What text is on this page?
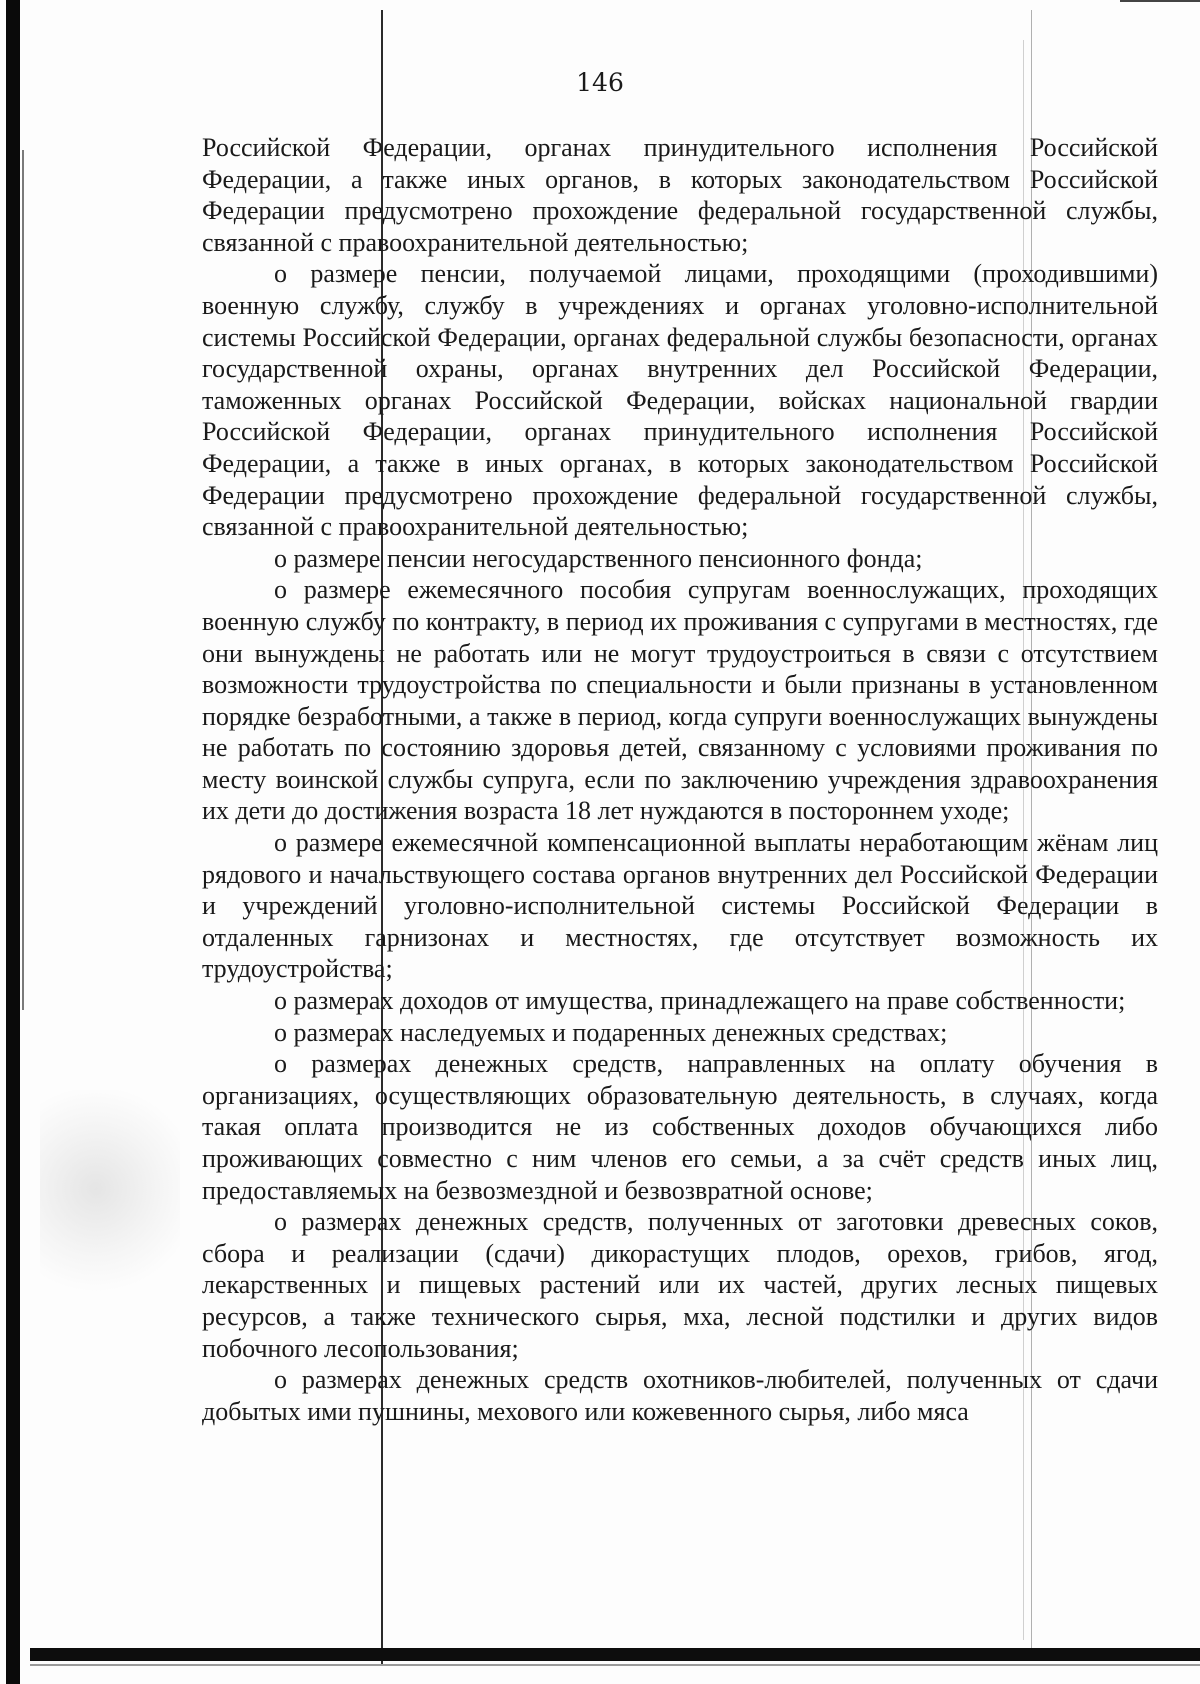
146

Российской Федерации, органах принудительного исполнения Российской Федерации, а также иных органов, в которых законодательством Российской Федерации предусмотрено прохождение федеральной государственной службы, связанной с правоохранительной деятельностью;

о размере пенсии, получаемой лицами, проходящими (проходившими) военную службу, службу в учреждениях и органах уголовно-исполнительной системы Российской Федерации, органах федеральной службы безопасности, органах государственной охраны, органах внутренних дел Российской Федерации, таможенных органах Российской Федерации, войсках национальной гвардии Российской Федерации, органах принудительного исполнения Российской Федерации, а также в иных органах, в которых законодательством Российской Федерации предусмотрено прохождение федеральной государственной службы, связанной с правоохранительной деятельностью;

о размере пенсии негосударственного пенсионного фонда;

о размере ежемесячного пособия супругам военнослужащих, проходящих военную службу по контракту, в период их проживания с супругами в местностях, где они вынуждены не работать или не могут трудоустроиться в связи с отсутствием возможности трудоустройства по специальности и были признаны в установленном порядке безработными, а также в период, когда супруги военнослужащих вынуждены не работать по состоянию здоровья детей, связанному с условиями проживания по месту воинской службы супруга, если по заключению учреждения здравоохранения их дети до достижения возраста 18 лет нуждаются в постороннем уходе;

о размере ежемесячной компенсационной выплаты неработающим жёнам лиц рядового и начальствующего состава органов внутренних дел Российской Федерации и учреждений уголовно-исполнительной системы Российской Федерации в отдаленных гарнизонах и местностях, где отсутствует возможность их трудоустройства;

о размерах доходов от имущества, принадлежащего на праве собственности;

о размерах наследуемых и подаренных денежных средствах;

о размерах денежных средств, направленных на оплату обучения в организациях, осуществляющих образовательную деятельность, в случаях, когда такая оплата производится не из собственных доходов обучающихся либо проживающих совместно с ним членов его семьи, а за счёт средств иных лиц, предоставляемых на безвозмездной и безвозвратной основе;

о размерах денежных средств, полученных от заготовки древесных соков, сбора и реализации (сдачи) дикорастущих плодов, орехов, грибов, ягод, лекарственных и пищевых растений или их частей, других лесных пищевых ресурсов, а также технического сырья, мха, лесной подстилки и других видов побочного лесопользования;

о размерах денежных средств охотников-любителей, полученных от сдачи добытых ими пушнины, мехового или кожевенного сырья, либо мяса
